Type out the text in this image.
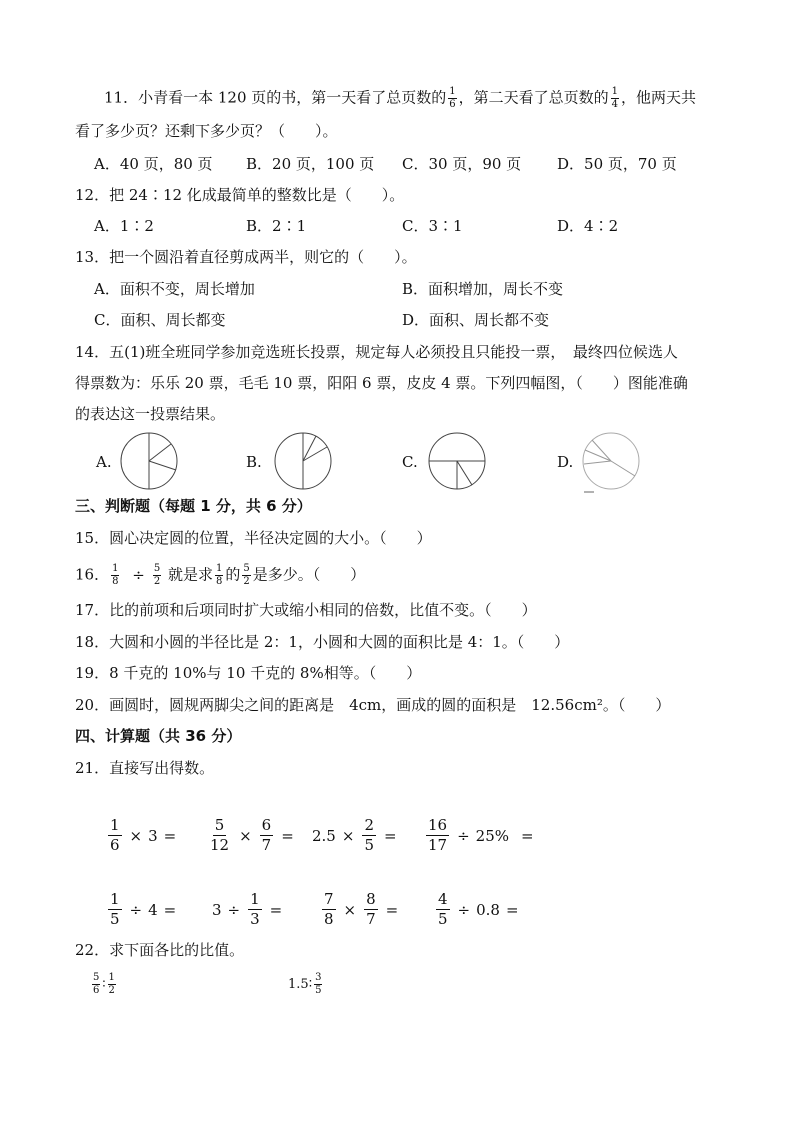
11．小青看一本 120 页的书，第一天看了总页数的 $\frac{1}{6}$ ，第二天看了总页数的 $\frac{1}{4}$ ，他两天共
看了多少页？还剩下多少页？（　　）。
A．40 页，80 页 B．20 页，100 页 C．30 页，90 页 D．50 页，70 页
12．把 24∶12 化成最简单的整数比是（　　）。
A．1∶2	B．2∶1	C．3∶1	D．4∶2
13．把一个圆沿着直径剪成两半，则它的（　　）。
A．面积不变，周长增加	B．面积增加，周长不变
C．面积、周长都变	D．面积、周长都不变
14．五(1)班全班同学参加竞选班长投票，规定每人必须投且只能投一票，　最终四位候选人
得票数为：乐乐 20 票，毛毛 10 票，阳阳 6 票，皮皮 4 票。下列四幅图，（　　）图能准确
的表达这一投票结果。
A.	B.	C.	D.
三、判断题（每题 1 分，共 6 分）
15．圆心决定圆的位置，半径决定圆的大小。（　　）
16． $\frac{1}{8} \div \frac{5}{2}$ 就是求 $\frac{1}{8}$ 的 $\frac{5}{2}$ 是多少。（　　）
17．比的前项和后项同时扩大或缩小相同的倍数，比值不变。（　　）
18．大圆和小圆的半径比是 2：1，小圆和大圆的面积比是 4：1。（　　）
19．8 千克的 10%与 10 千克的 8%相等。（　　）
20．画圆时，圆规两脚尖之间的距离是　4cm，画成的圆的面积是　12.56cm²。（　　）
四、计算题（共 36 分）
21．直接写出得数。
$\frac{1}{6} \times 3 = \frac{5}{12} \times \frac{6}{7} = 2.5 \times \frac{2}{5} = \frac{16}{17} \div 25\%$ =
$\frac{1}{5} \div 4 = 3 \div \frac{1}{3}$ =	$\frac{7}{8} \times \frac{8}{7}$ =	$\frac{4}{5} \div 0.8$ =
22．求下面各比的比值。
$\frac{5}{6}$ ∶ $\frac{1}{2}$	1.5∶ $\frac{3}{5}$
